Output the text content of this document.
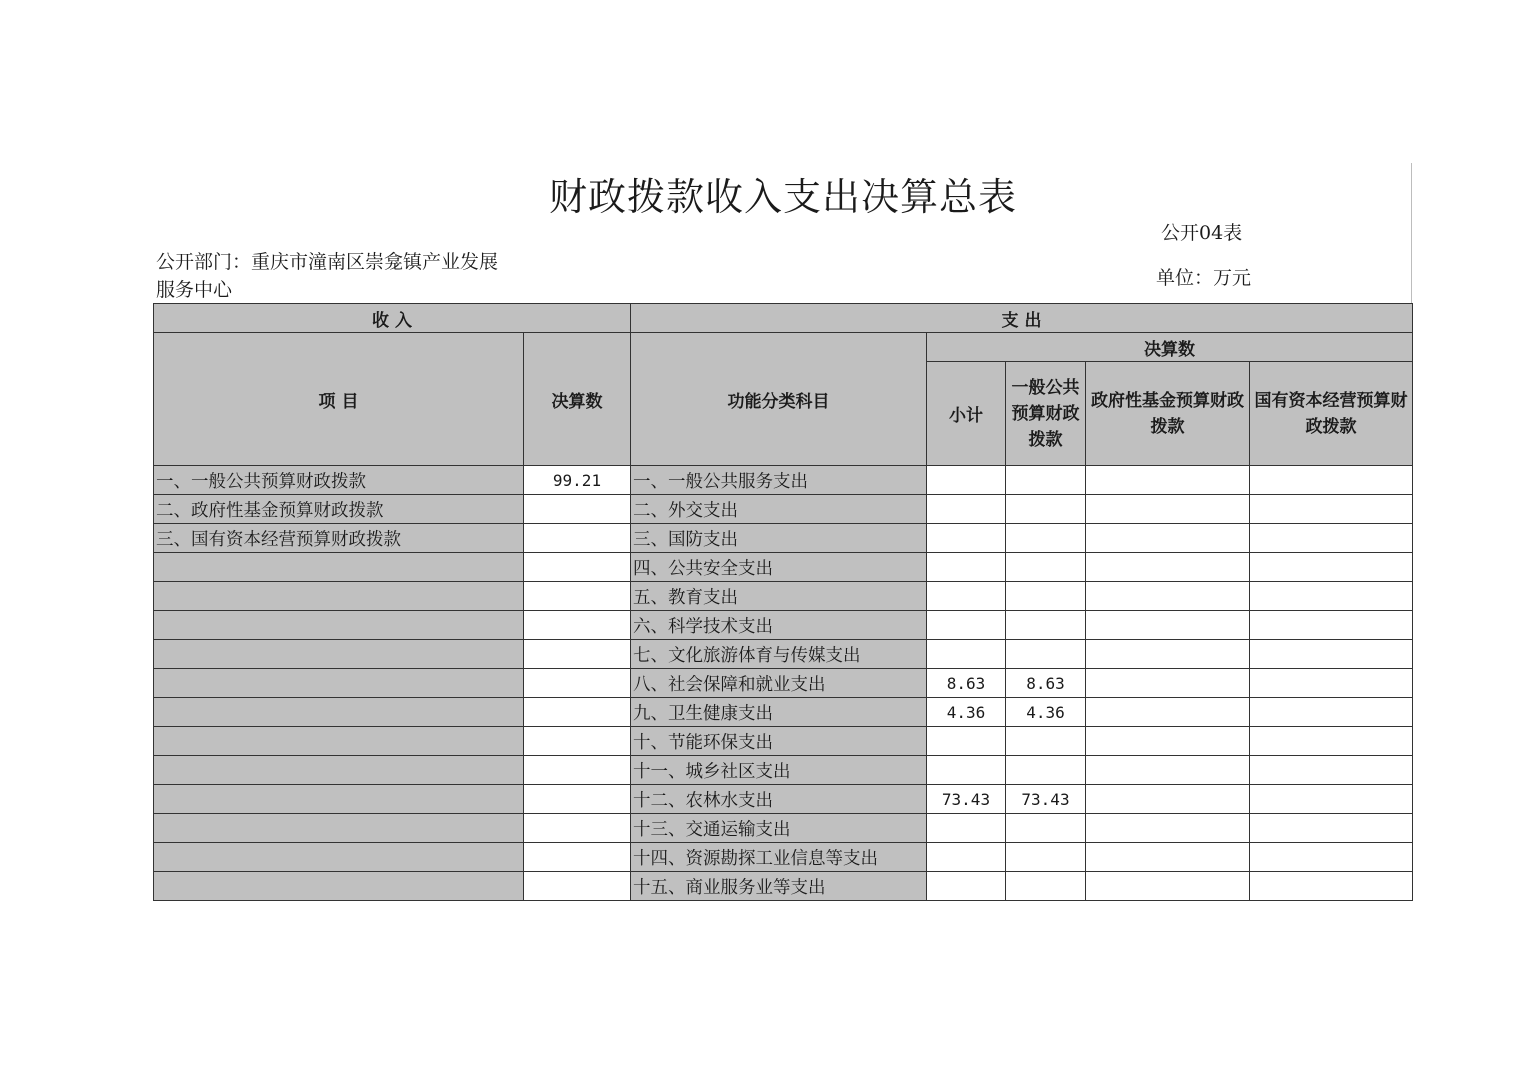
财政拨款收入支出决算总表
公开04表
单位：万元
公开部门：重庆市潼南区崇龛镇产业发展服务中心
收 入		支 出				
项 目	决算数	功能分类科目	决算数			
			小计	一般公共预算财政拨款	政府性基金预算财政拨款	国有资本经营预算财政拨款
一、一般公共预算财政拨款	99.21	一、一般公共服务支出				
二、政府性基金预算财政拨款		二、外交支出				
三、国有资本经营预算财政拨款		三、国防支出				
		四、公共安全支出				
		五、教育支出				
		六、科学技术支出				
		七、文化旅游体育与传媒支出				
		八、社会保障和就业支出	8.63	8.63		
		九、卫生健康支出	4.36	4.36		
		十、节能环保支出				
		十一、城乡社区支出				
		十二、农林水支出	73.43	73.43		
		十三、交通运输支出				
		十四、资源勘探工业信息等支出				
		十五、商业服务业等支出				
